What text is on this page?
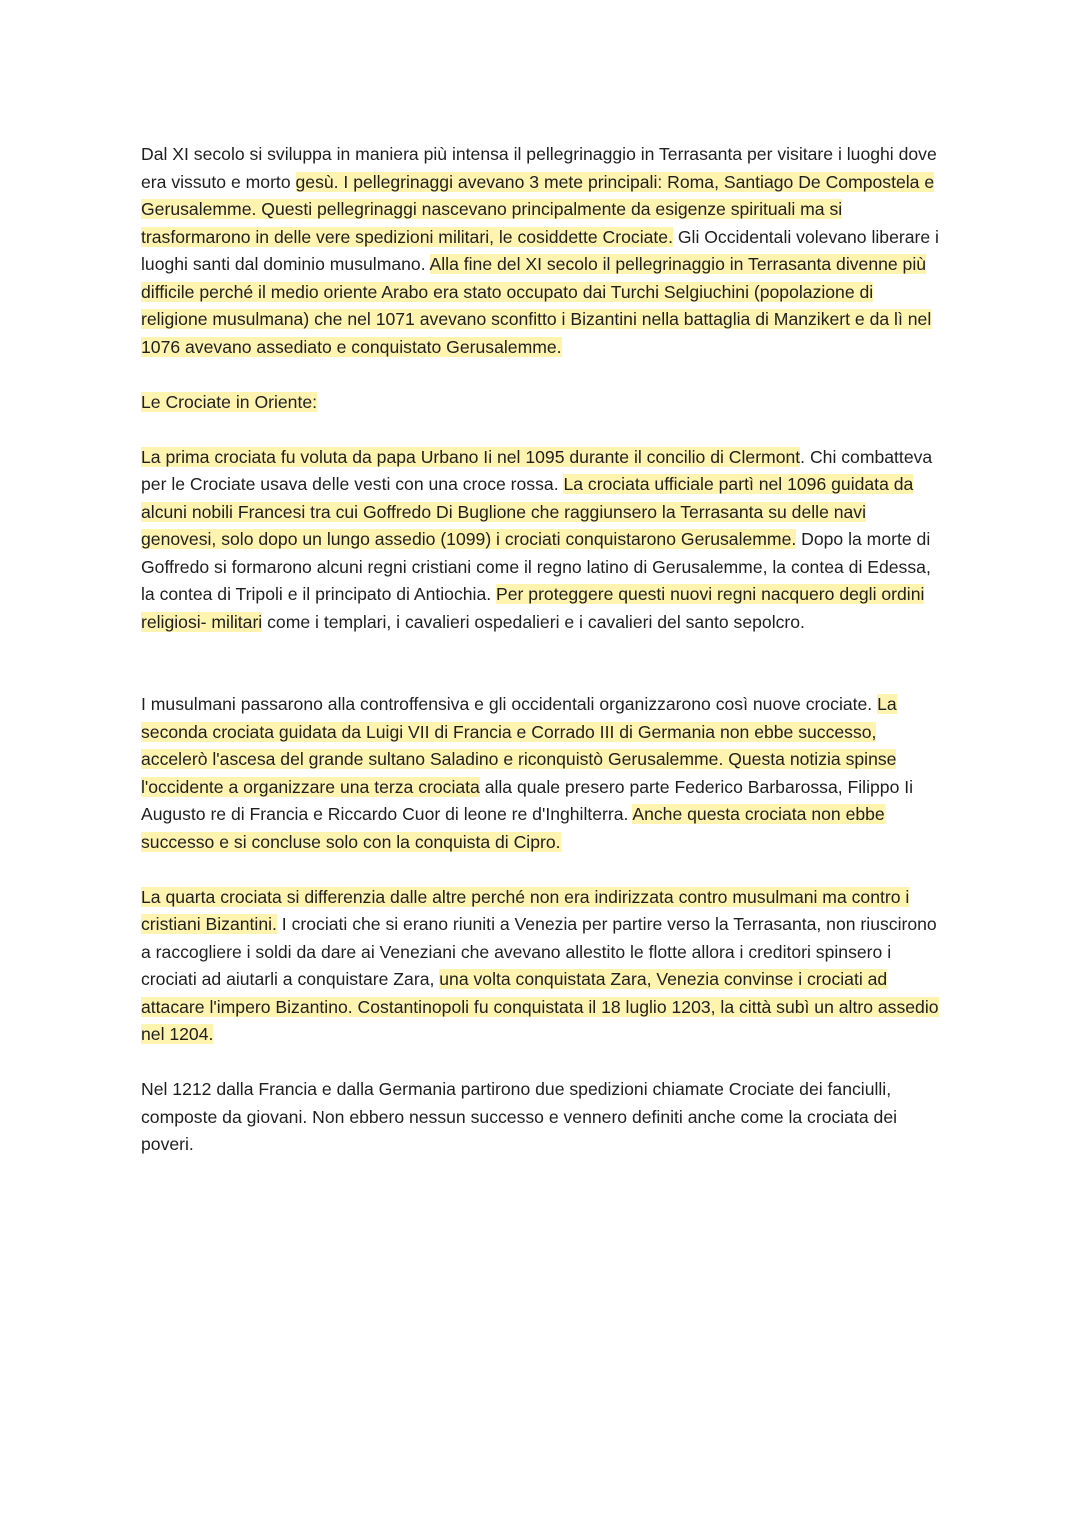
Dal XI secolo si sviluppa in maniera più intensa il pellegrinaggio in Terrasanta per visitare i luoghi dove era vissuto e morto gesù. I pellegrinaggi avevano 3 mete principali: Roma, Santiago De Compostela e Gerusalemme. Questi pellegrinaggi nascevano principalmente da esigenze spirituali ma si trasformarono in delle vere spedizioni militari, le cosiddette Crociate. Gli Occidentali volevano liberare i luoghi santi dal dominio musulmano. Alla fine del XI secolo il pellegrinaggio in Terrasanta divenne più difficile perché il medio oriente Arabo era stato occupato dai Turchi Selgiuchini (popolazione di religione musulmana) che nel 1071 avevano sconfitto i Bizantini nella battaglia di Manzikert e da lì nel 1076 avevano assediato e conquistato Gerusalemme.

Le Crociate in Oriente:

La prima crociata fu voluta da papa Urbano Ii nel 1095 durante il concilio di Clermont. Chi combatteva per le Crociate usava delle vesti con una croce rossa. La crociata ufficiale partì nel 1096 guidata da alcuni nobili Francesi tra cui Goffredo Di Buglione che raggiunsero la Terrasanta su delle navi genovesi, solo dopo un lungo assedio (1099) i crociati conquistarono Gerusalemme. Dopo la morte di Goffredo si formarono alcuni regni cristiani come il regno latino di Gerusalemme, la contea di Edessa, la contea di Tripoli e il principato di Antiochia. Per proteggere questi nuovi regni nacquero degli ordini religiosi- militari come i templari, i cavalieri ospedalieri e i cavalieri del santo sepolcro.

I musulmani passarono alla controffensiva e gli occidentali organizzarono così nuove crociate. La seconda crociata guidata da Luigi VII di Francia e Corrado III di Germania non ebbe successo, accelerò l'ascesa del grande sultano Saladino e riconquistò Gerusalemme. Questa notizia spinse l'occidente a organizzare una terza crociata alla quale presero parte Federico Barbarossa, Filippo Ii Augusto re di Francia e Riccardo Cuor di leone re d'Inghilterra. Anche questa crociata non ebbe successo e si concluse solo con la conquista di Cipro.

La quarta crociata si differenzia dalle altre perché non era indirizzata contro musulmani ma contro i cristiani Bizantini. I crociati che si erano riuniti a Venezia per partire verso la Terrasanta, non riuscirono a raccogliere i soldi da dare ai Veneziani che avevano allestito le flotte allora i creditori spinsero i crociati ad aiutarli a conquistare Zara, una volta conquistata Zara, Venezia convinse i crociati ad attacare l'impero Bizantino. Costantinopoli fu conquistata il 18 luglio 1203, la città subì un altro assedio nel 1204.

Nel 1212 dalla Francia e dalla Germania partirono due spedizioni chiamate Crociate dei fanciulli, composte da giovani. Non ebbero nessun successo e vennero definiti anche come la crociata dei poveri.
